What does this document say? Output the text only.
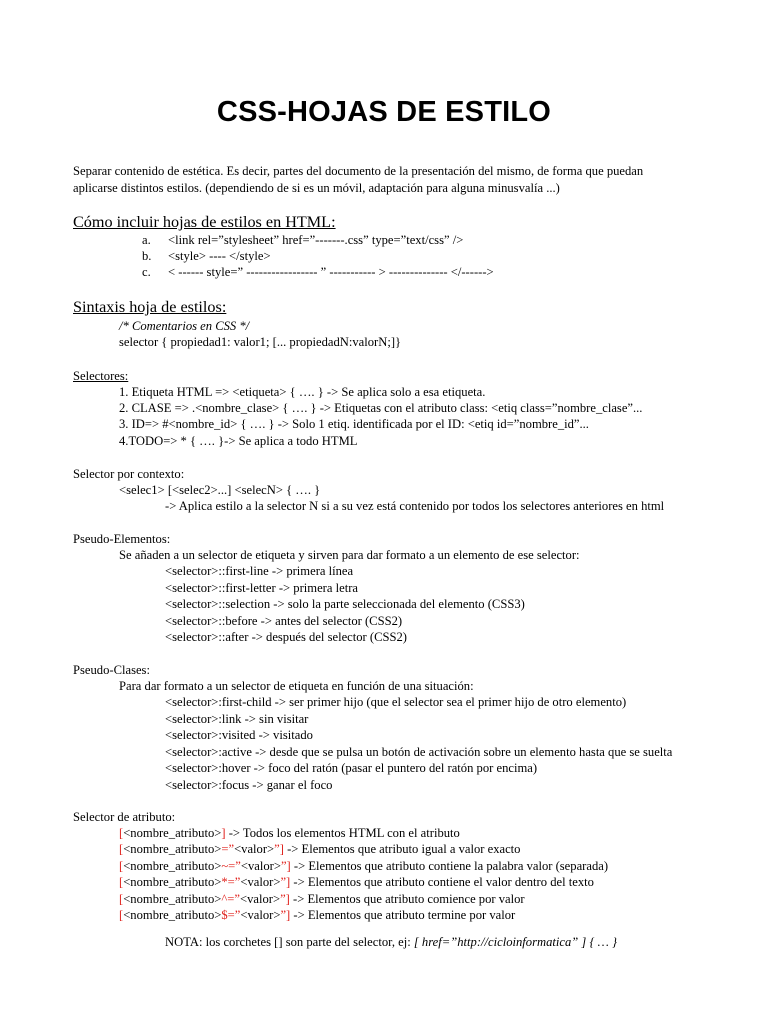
CSS-HOJAS DE ESTILO
Separar contenido de estética. Es decir, partes del documento de la presentación del mismo, de forma que puedan
aplicarse distintos estilos. (dependiendo de si es un móvil, adaptación para alguna minusvalía ...)
Cómo incluir hojas de estilos en HTML:
a. <link rel=”stylesheet” href=”-------.css” type=”text/css” />
b. <style> ---- </style>
c. < ------ style=” ----------------- ” ----------- > -------------- </------>
Sintaxis hoja de estilos:
/* Comentarios en CSS */
selector { propiedad1: valor1; [... propiedadN:valorN;]}
Selectores:
1. Etiqueta HTML => <etiqueta> { …. } -> Se aplica solo a esa etiqueta.
2. CLASE => .<nombre_clase> { …. } -> Etiquetas con el atributo class: <etiq class=”nombre_clase”...
3. ID=> #<nombre_id> { …. } -> Solo 1 etiq. identificada por el ID: <etiq id=”nombre_id”...
4.TODO=> * { …. }-> Se aplica a todo HTML
Selector por contexto:
<selec1> [<selec2>...] <selecN> { …. }
-> Aplica estilo a la selector N si a su vez está contenido por todos los selectores anteriores en html
Pseudo-Elementos:
Se añaden a un selector de etiqueta y sirven para dar formato a un elemento de ese selector:
<selector>::first-line -> primera línea
<selector>::first-letter -> primera letra
<selector>::selection -> solo la parte seleccionada del elemento (CSS3)
<selector>::before -> antes del selector (CSS2)
<selector>::after -> después del selector (CSS2)
Pseudo-Clases:
Para dar formato a un selector de etiqueta en función de una situación:
<selector>:first-child -> ser primer hijo (que el selector sea el primer hijo de otro elemento)
<selector>:link -> sin visitar
<selector>:visited -> visitado
<selector>:active -> desde que se pulsa un botón de activación sobre un elemento hasta que se suelta
<selector>:hover -> foco del ratón (pasar el puntero del ratón por encima)
<selector>:focus -> ganar el foco
Selector de atributo:
[<nombre_atributo>] -> Todos los elementos HTML con el atributo
[<nombre_atributo>=”<valor>”] -> Elementos que atributo igual a valor exacto
[<nombre_atributo>~=”<valor>”] -> Elementos que atributo contiene la palabra valor (separada)
[<nombre_atributo>*=”<valor>”] -> Elementos que atributo contiene el valor dentro del texto
[<nombre_atributo>^=”<valor>”] -> Elementos que atributo comience por valor
[<nombre_atributo>$=”<valor>”] -> Elementos que atributo termine por valor
NOTA: los corchetes [] son parte del selector, ej: [ href=”http://cicloinformatica” ] { … }
